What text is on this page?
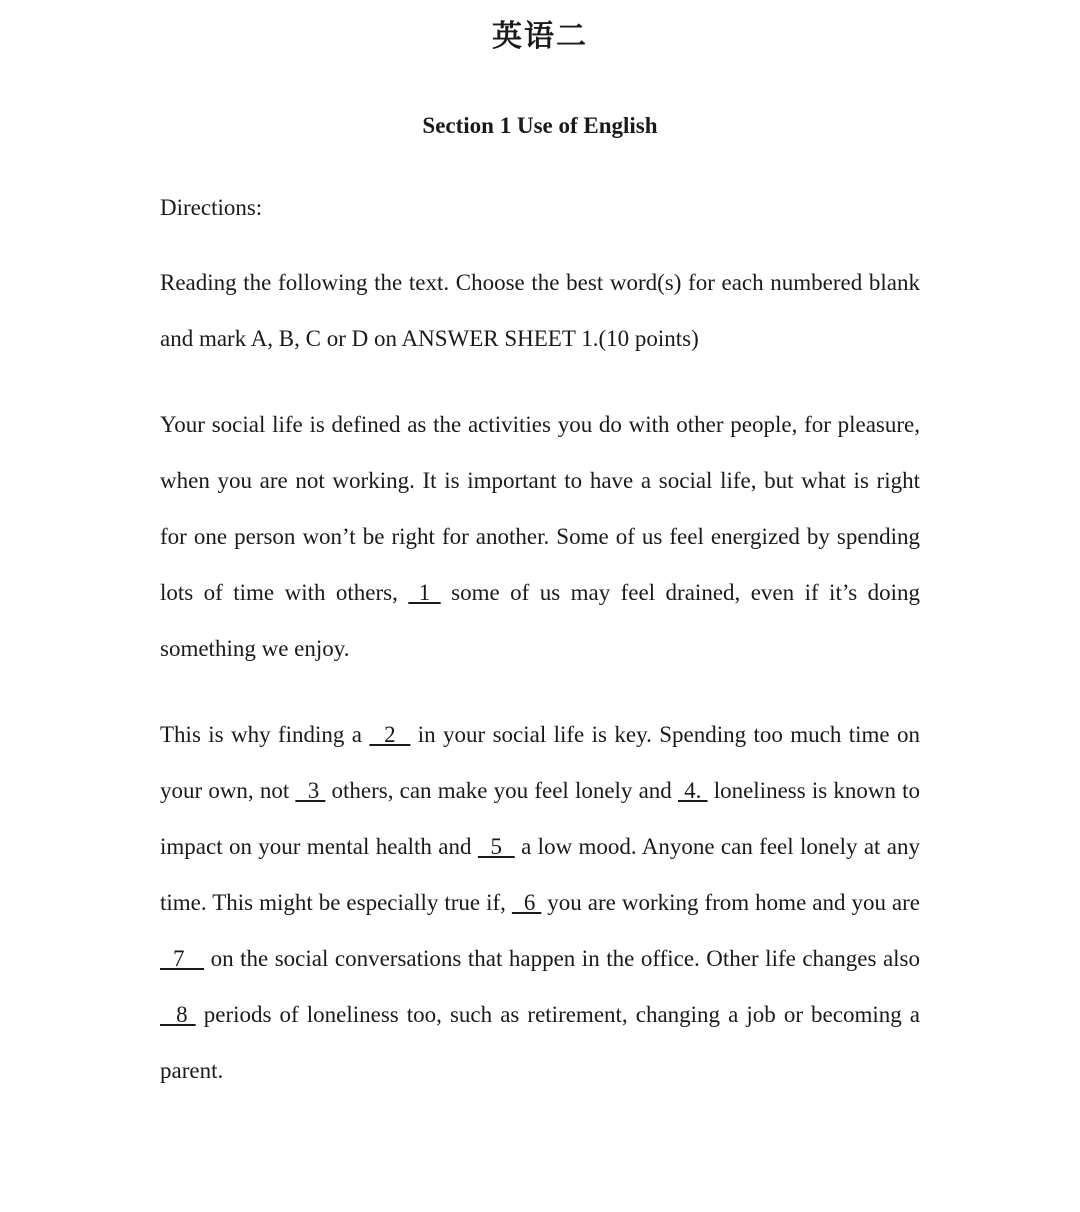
英语二
Section 1 Use of English
Directions:

Reading the following the text. Choose the best word(s) for each numbered blank and mark A, B, C or D on ANSWER SHEET 1.(10 points)

Your social life is defined as the activities you do with other people, for pleasure, when you are not working. It is important to have a social life, but what is right for one person won’t be right for another. Some of us feel energized by spending lots of time with others,  1  some of us may feel drained, even if it’s doing something we enjoy.

This is why finding a   2   in your social life is key. Spending too much time on your own, not   3  others, can make you feel lonely and  4.  loneliness is known to impact on your mental health and   5   a low mood. Anyone can feel lonely at any time. This might be especially true if,   6  you are working from home and you are   7    on the social conversations that happen in the office. Other life changes also   8  periods of loneliness too, such as retirement, changing a job or becoming a parent.
